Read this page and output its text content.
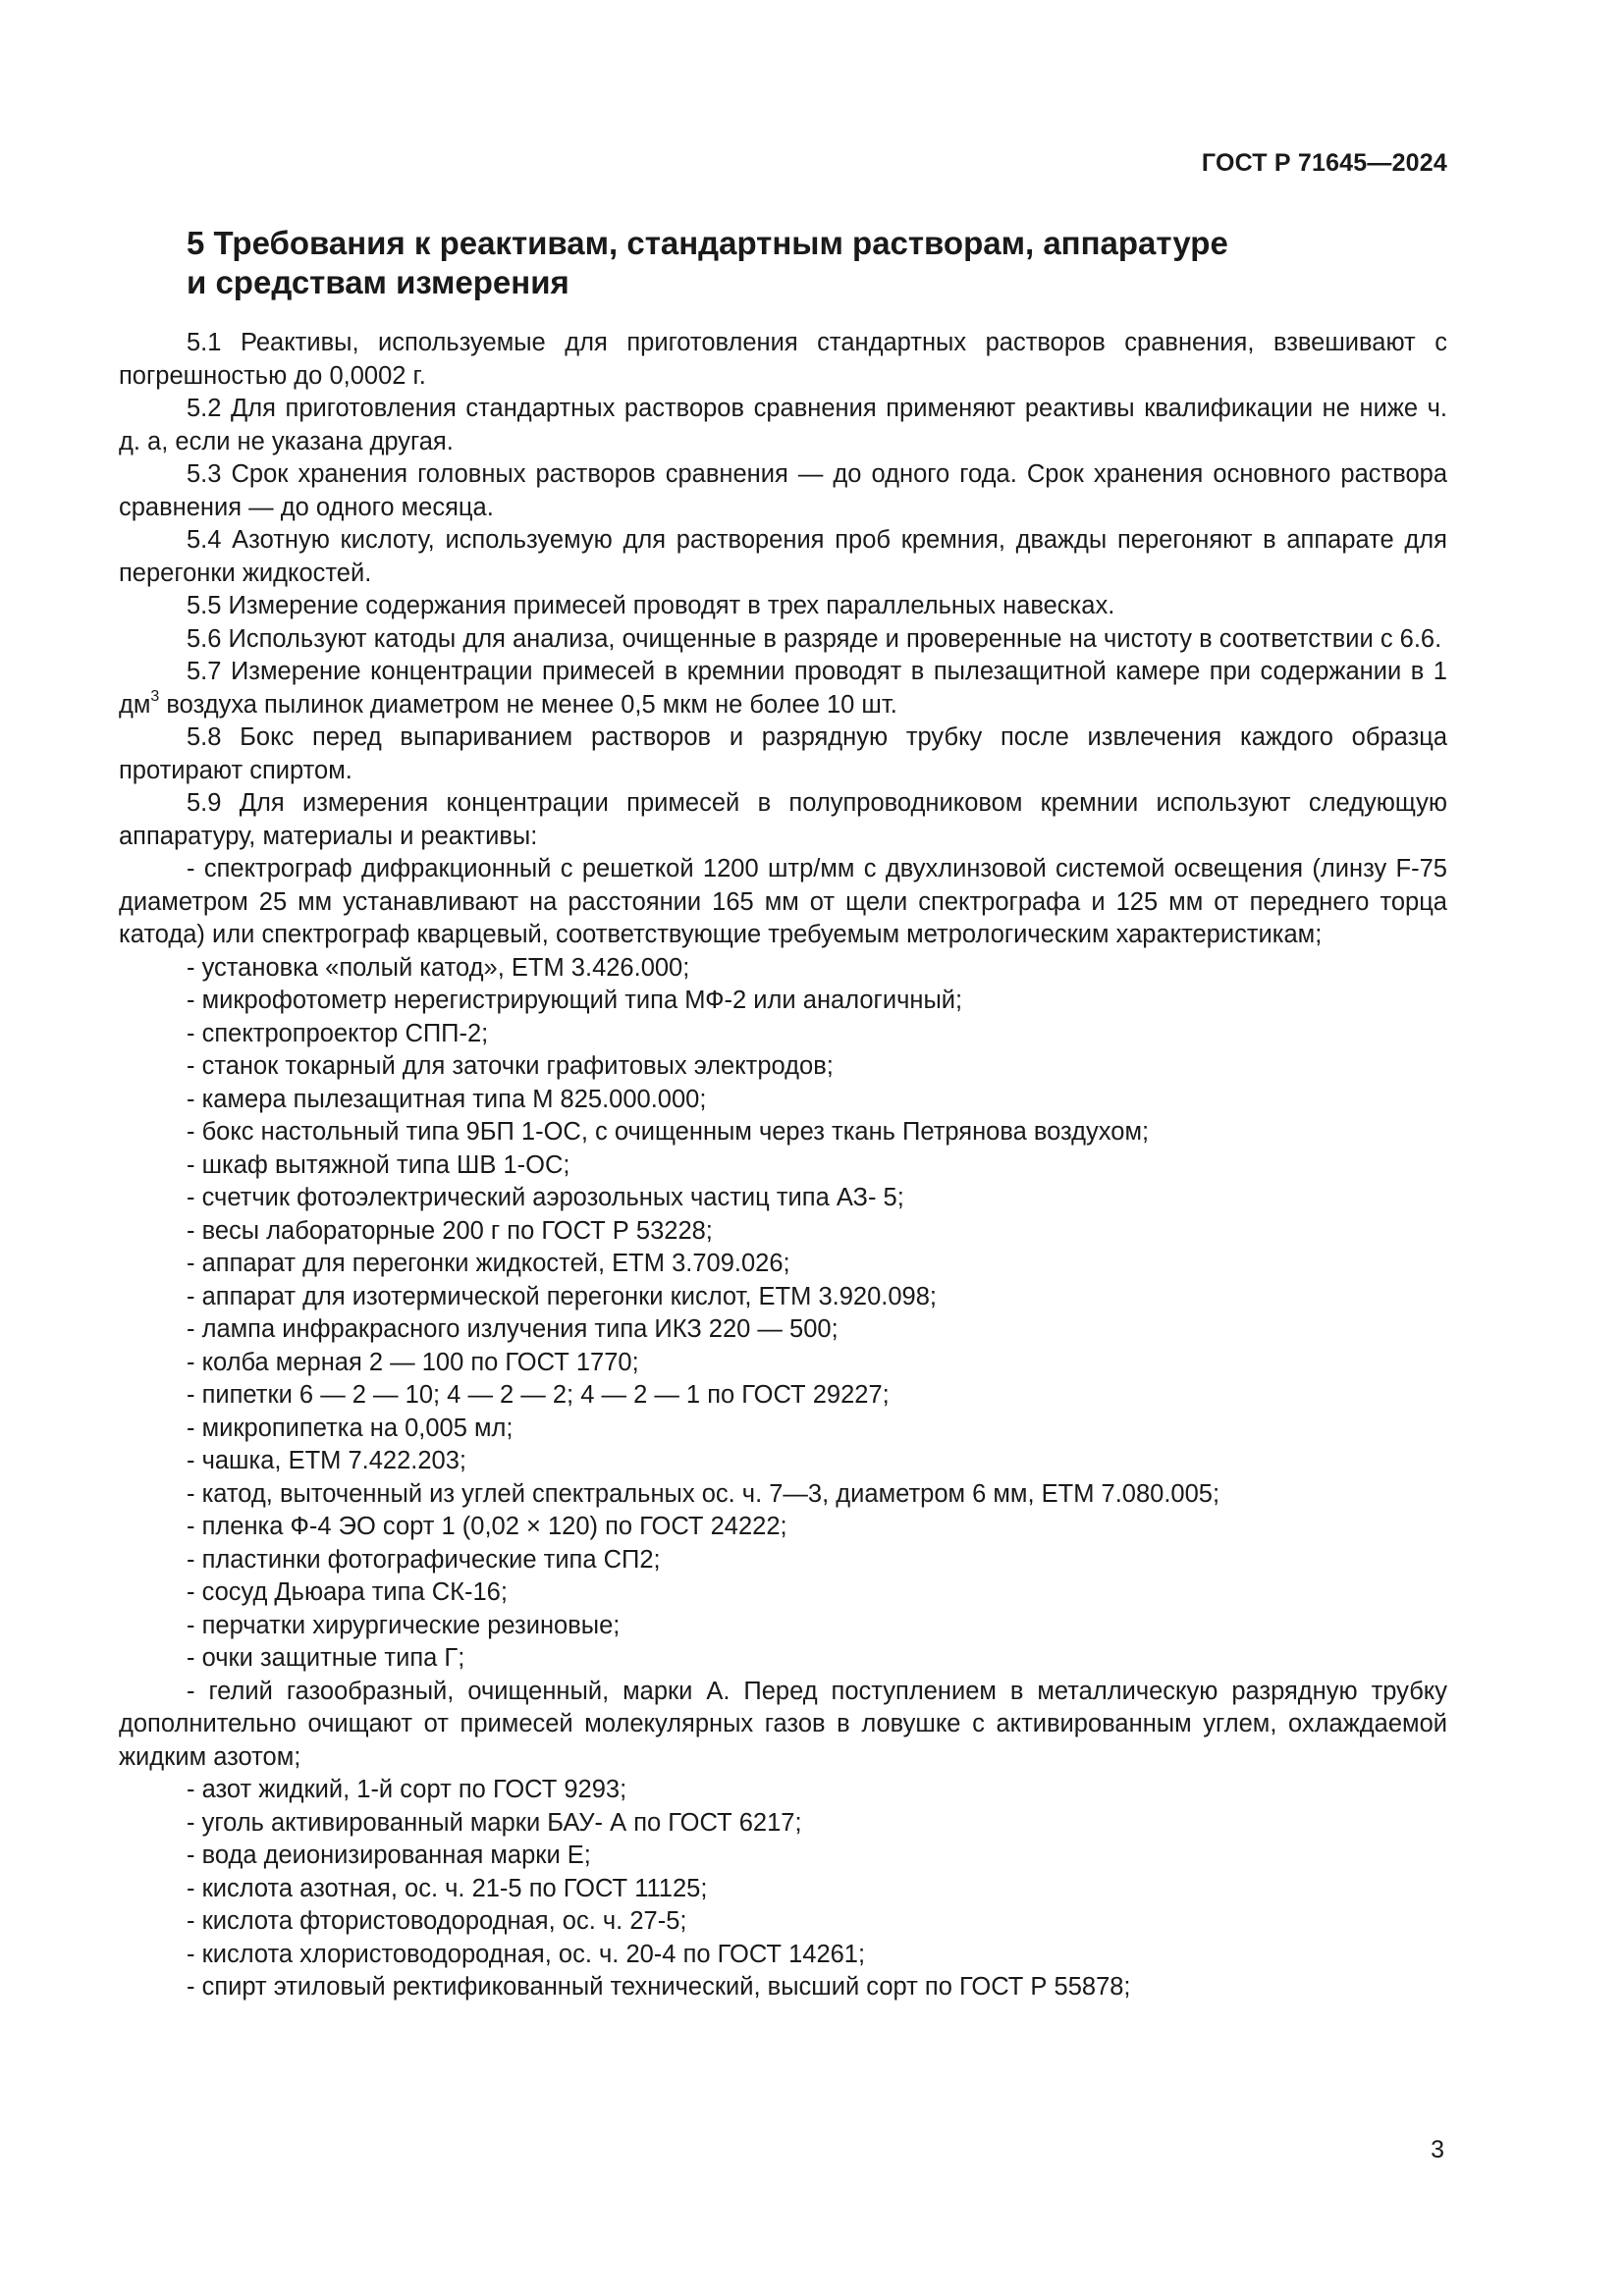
ГОСТ Р 71645—2024
5 Требования к реактивам, стандартным растворам, аппаратуре
и средствам измерения

5.1 Реактивы, используемые для приготовления стандартных растворов сравнения, взвешивают с погрешностью до 0,0002 г.

5.2 Для приготовления стандартных растворов сравнения применяют реактивы квалификации не ниже ч. д. а, если не указана другая.

5.3 Срок хранения головных растворов сравнения — до одного года. Срок хранения основного раствора сравнения — до одного месяца.

5.4 Азотную кислоту, используемую для растворения проб кремния, дважды перегоняют в аппарате для перегонки жидкостей.

5.5 Измерение содержания примесей проводят в трех параллельных навесках.

5.6 Используют катоды для анализа, очищенные в разряде и проверенные на чистоту в соответствии с 6.6.

5.7 Измерение концентрации примесей в кремнии проводят в пылезащитной камере при содержании в 1 $дм^3$ воздуха пылинок диаметром не менее 0,5 мкм не более 10 шт.

5.8 Бокс перед выпариванием растворов и разрядную трубку после извлечения каждого образца протирают спиртом.

5.9 Для измерения концентрации примесей в полупроводниковом кремнии используют следующую аппаратуру, материалы и реактивы:

- спектрограф дифракционный с решеткой 1200 штр/мм с двухлинзовой системой освещения (линзу F-75 диаметром 25 мм устанавливают на расстоянии 165 мм от щели спектрографа и 125 мм от переднего торца катода) или спектрограф кварцевый, соответствующие требуемым метрологическим характеристикам;

- установка «полый катод», ЕТМ 3.426.000;
- микрофотометр нерегистрирующий типа МФ-2 или аналогичный;
- спектропроектор СПП-2;
- станок токарный для заточки графитовых электродов;
- камера пылезащитная типа М 825.000.000;
- бокс настольный типа 9БП 1-ОС, с очищенным через ткань Петрянова воздухом;
- шкаф вытяжной типа ШВ 1-ОС;
- счетчик фотоэлектрический аэрозольных частиц типа АЗ- 5;
- весы лабораторные 200 г по ГОСТ Р 53228;
- аппарат для перегонки жидкостей, ЕТМ 3.709.026;
- аппарат для изотермической перегонки кислот, ЕТМ 3.920.098;
- лампа инфракрасного излучения типа ИКЗ 220 — 500;
- колба мерная 2 — 100 по ГОСТ 1770;
- пипетки 6 — 2 — 10; 4 — 2 — 2; 4 — 2 — 1 по ГОСТ 29227;
- микропипетка на 0,005 мл;
- чашка, ЕТМ 7.422.203;
- катод, выточенный из углей спектральных ос. ч. 7—3, диаметром 6 мм, ЕТМ 7.080.005;
- пленка Ф-4 ЭО сорт 1 (0,02 × 120) по ГОСТ 24222;
- пластинки фотографические типа СП2;
- сосуд Дьюара типа СК-16;
- перчатки хирургические резиновые;
- очки защитные типа Г;

- гелий газообразный, очищенный, марки А. Перед поступлением в металлическую разрядную трубку дополнительно очищают от примесей молекулярных газов в ловушке с активированным углем, охлаждаемой жидким азотом;

- азот жидкий, 1-й сорт по ГОСТ 9293;
- уголь активированный марки БАУ- А по ГОСТ 6217;
- вода деионизированная марки Е;
- кислота азотная, ос. ч. 21-5 по ГОСТ 11125;
- кислота фтористоводородная, ос. ч. 27-5;
- кислота хлористоводородная, ос. ч. 20-4 по ГОСТ 14261;
- спирт этиловый ректификованный технический, высший сорт по ГОСТ Р 55878;
3
